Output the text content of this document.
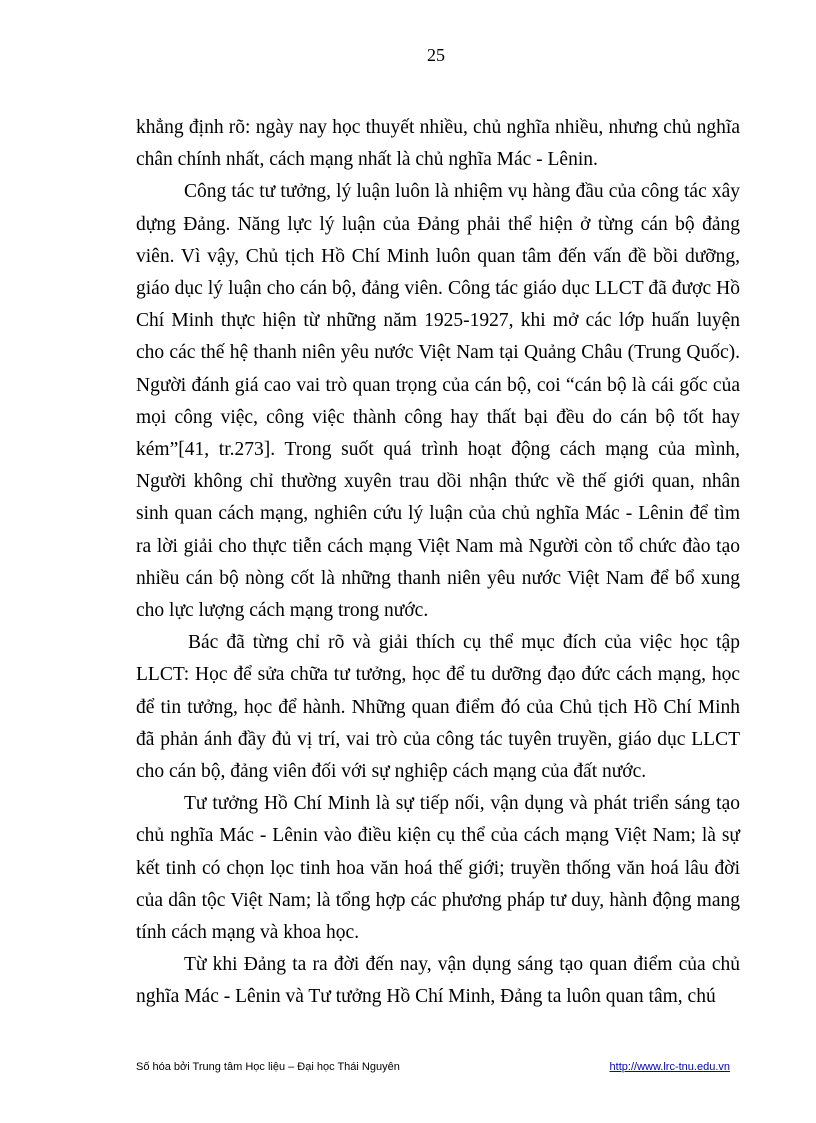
25

khẳng định rõ: ngày nay học thuyết nhiều, chủ nghĩa nhiều, nhưng chủ nghĩa chân chính nhất, cách mạng nhất là chủ nghĩa Mác - Lênin.

Công tác tư tưởng, lý luận luôn là nhiệm vụ hàng đầu của công tác xây dựng Đảng. Năng lực lý luận của Đảng phải thể hiện ở từng cán bộ đảng viên. Vì vậy, Chủ tịch Hồ Chí Minh luôn quan tâm đến vấn đề bồi dưỡng, giáo dục lý luận cho cán bộ, đảng viên. Công tác giáo dục LLCT đã được Hồ Chí Minh thực hiện từ những năm 1925-1927, khi mở các lớp huấn luyện cho các thế hệ thanh niên yêu nước Việt Nam tại Quảng Châu (Trung Quốc). Người đánh giá cao vai trò quan trọng của cán bộ, coi “cán bộ là cái gốc của mọi công việc, công việc thành công hay thất bại đều do cán bộ tốt hay kém”[41, tr.273]. Trong suốt quá trình hoạt động cách mạng của mình, Người không chỉ thường xuyên trau dồi nhận thức về thế giới quan, nhân sinh quan cách mạng, nghiên cứu lý luận của chủ nghĩa Mác - Lênin để tìm ra lời giải cho thực tiễn cách mạng Việt Nam mà Người còn tổ chức đào tạo nhiều cán bộ nòng cốt là những thanh niên yêu nước Việt Nam để bổ xung cho lực lượng cách mạng trong nước.

Bác đã từng chỉ rõ và giải thích cụ thể mục đích của việc học tập LLCT: Học để sửa chữa tư tưởng, học để tu dưỡng đạo đức cách mạng, học để tin tưởng, học để hành. Những quan điểm đó của Chủ tịch Hồ Chí Minh đã phản ánh đầy đủ vị trí, vai trò của công tác tuyên truyền, giáo dục LLCT cho cán bộ, đảng viên đối với sự nghiệp cách mạng của đất nước.

Tư tưởng Hồ Chí Minh là sự tiếp nối, vận dụng và phát triển sáng tạo chủ nghĩa Mác - Lênin vào điều kiện cụ thể của cách mạng Việt Nam; là sự kết tinh có chọn lọc tinh hoa văn hoá thế giới; truyền thống văn hoá lâu đời của dân tộc Việt Nam; là tổng hợp các phương pháp tư duy, hành động mang tính cách mạng và khoa học.

Từ khi Đảng ta ra đời đến nay, vận dụng sáng tạo quan điểm của chủ nghĩa Mác - Lênin và Tư tưởng Hồ Chí Minh, Đảng ta luôn quan tâm, chú

Số hóa bởi Trung tâm Học liệu – Đại học Thái Nguyên	http://www.lrc-tnu.edu.vn
